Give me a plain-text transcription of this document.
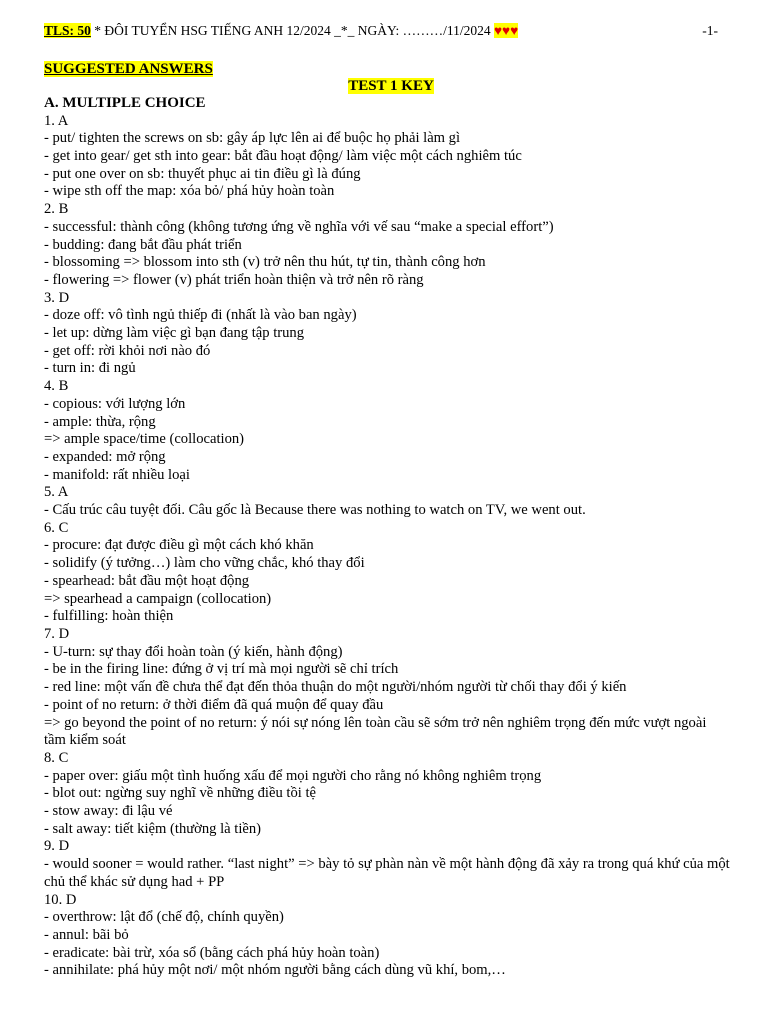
TLS: 50 * ĐÔI TUYỂN HSG TIẾNG ANH 12/2024 _*_ NGÀY: ………/11/2024 ♥♥♥	-1-
SUGGESTED ANSWERS
TEST 1 KEY
A. MULTIPLE CHOICE
1. A
- put/ tighten the screws on sb: gây áp lực lên ai để buộc họ phải làm gì
- get into gear/ get sth into gear: bắt đầu hoạt động/ làm việc một cách nghiêm túc
- put one over on sb: thuyết phục ai tin điều gì là đúng
- wipe sth off the map: xóa bỏ/ phá hủy hoàn toàn
2. B
- successful: thành công (không tương ứng về nghĩa với vế sau “make a special effort”)
- budding: đang bắt đầu phát triển
- blossoming => blossom into sth (v) trở nên thu hút, tự tin, thành công hơn
- flowering => flower (v) phát triển hoàn thiện và trở nên rõ ràng
3. D
- doze off: vô tình ngủ thiếp đi (nhất là vào ban ngày)
- let up: dừng làm việc gì bạn đang tập trung
- get off: rời khỏi nơi nào đó
- turn in: đi ngủ
4. B
- copious: với lượng lớn
- ample: thừa, rộng
=> ample space/time (collocation)
- expanded: mở rộng
- manifold: rất nhiều loại
5. A
- Cấu trúc câu tuyệt đối. Câu gốc là Because there was nothing to watch on TV, we went out.
6. C
- procure: đạt được điều gì một cách khó khăn
- solidify (ý tưởng…) làm cho vững chắc, khó thay đổi
- spearhead: bắt đầu một hoạt động
=> spearhead a campaign (collocation)
- fulfilling: hoàn thiện
7. D
- U-turn: sự thay đổi hoàn toàn (ý kiến, hành động)
- be in the firing line: đứng ở vị trí mà mọi người sẽ chỉ trích
- red line: một vấn đề chưa thể đạt đến thỏa thuận do một người/nhóm người từ chối thay đổi ý kiến
- point of no return: ở thời điểm đã quá muộn để quay đầu
=> go beyond the point of no return: ý nói sự nóng lên toàn cầu sẽ sớm trở nên nghiêm trọng đến mức vượt ngoài tầm kiểm soát
8. C
- paper over: giấu một tình huống xấu để mọi người cho rằng nó không nghiêm trọng
- blot out: ngừng suy nghĩ về những điều tồi tệ
- stow away: đi lậu vé
- salt away: tiết kiệm (thường là tiền)
9. D
- would sooner = would rather. “last night” => bày tỏ sự phàn nàn về một hành động đã xảy ra trong quá khứ của một chủ thể khác sử dụng had + PP
10. D
- overthrow: lật đổ (chế độ, chính quyền)
- annul: bãi bỏ
- eradicate: bài trừ, xóa sổ (bằng cách phá hủy hoàn toàn)
- annihilate: phá hủy một nơi/ một nhóm người bằng cách dùng vũ khí, bom,…
